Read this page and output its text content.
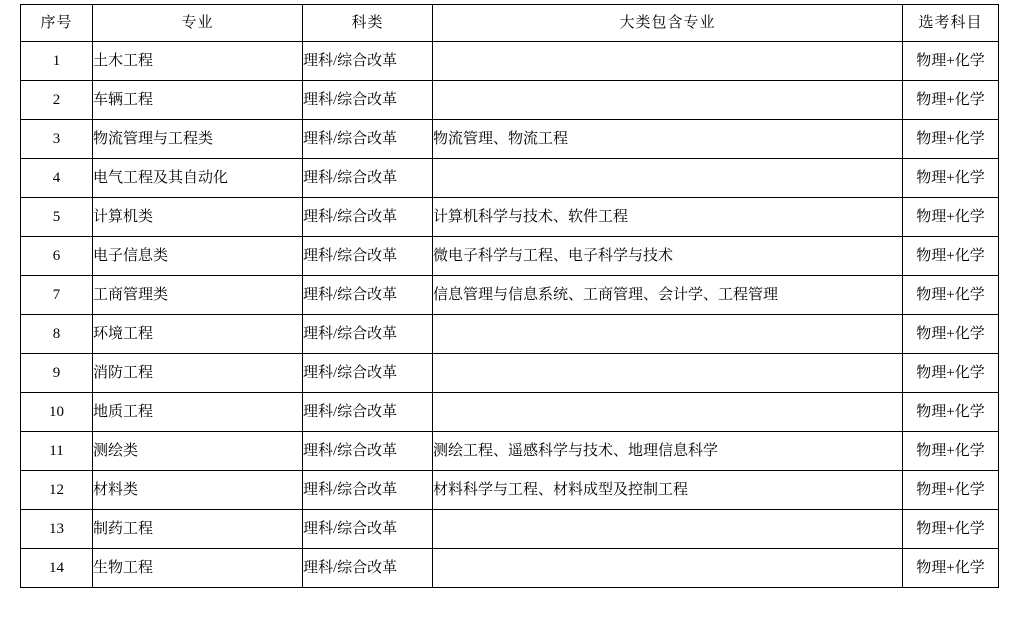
序号	专业	科类	大类包含专业	选考科目
1	土木工程	理科/综合改革		物理+化学
2	车辆工程	理科/综合改革		物理+化学
3	物流管理与工程类	理科/综合改革	物流管理、物流工程	物理+化学
4	电气工程及其自动化	理科/综合改革		物理+化学
5	计算机类	理科/综合改革	计算机科学与技术、软件工程	物理+化学
6	电子信息类	理科/综合改革	微电子科学与工程、电子科学与技术	物理+化学
7	工商管理类	理科/综合改革	信息管理与信息系统、工商管理、会计学、工程管理	物理+化学
8	环境工程	理科/综合改革		物理+化学
9	消防工程	理科/综合改革		物理+化学
10	地质工程	理科/综合改革		物理+化学
11	测绘类	理科/综合改革	测绘工程、遥感科学与技术、地理信息科学	物理+化学
12	材料类	理科/综合改革	材料科学与工程、材料成型及控制工程	物理+化学
13	制药工程	理科/综合改革		物理+化学
14	生物工程	理科/综合改革		物理+化学
